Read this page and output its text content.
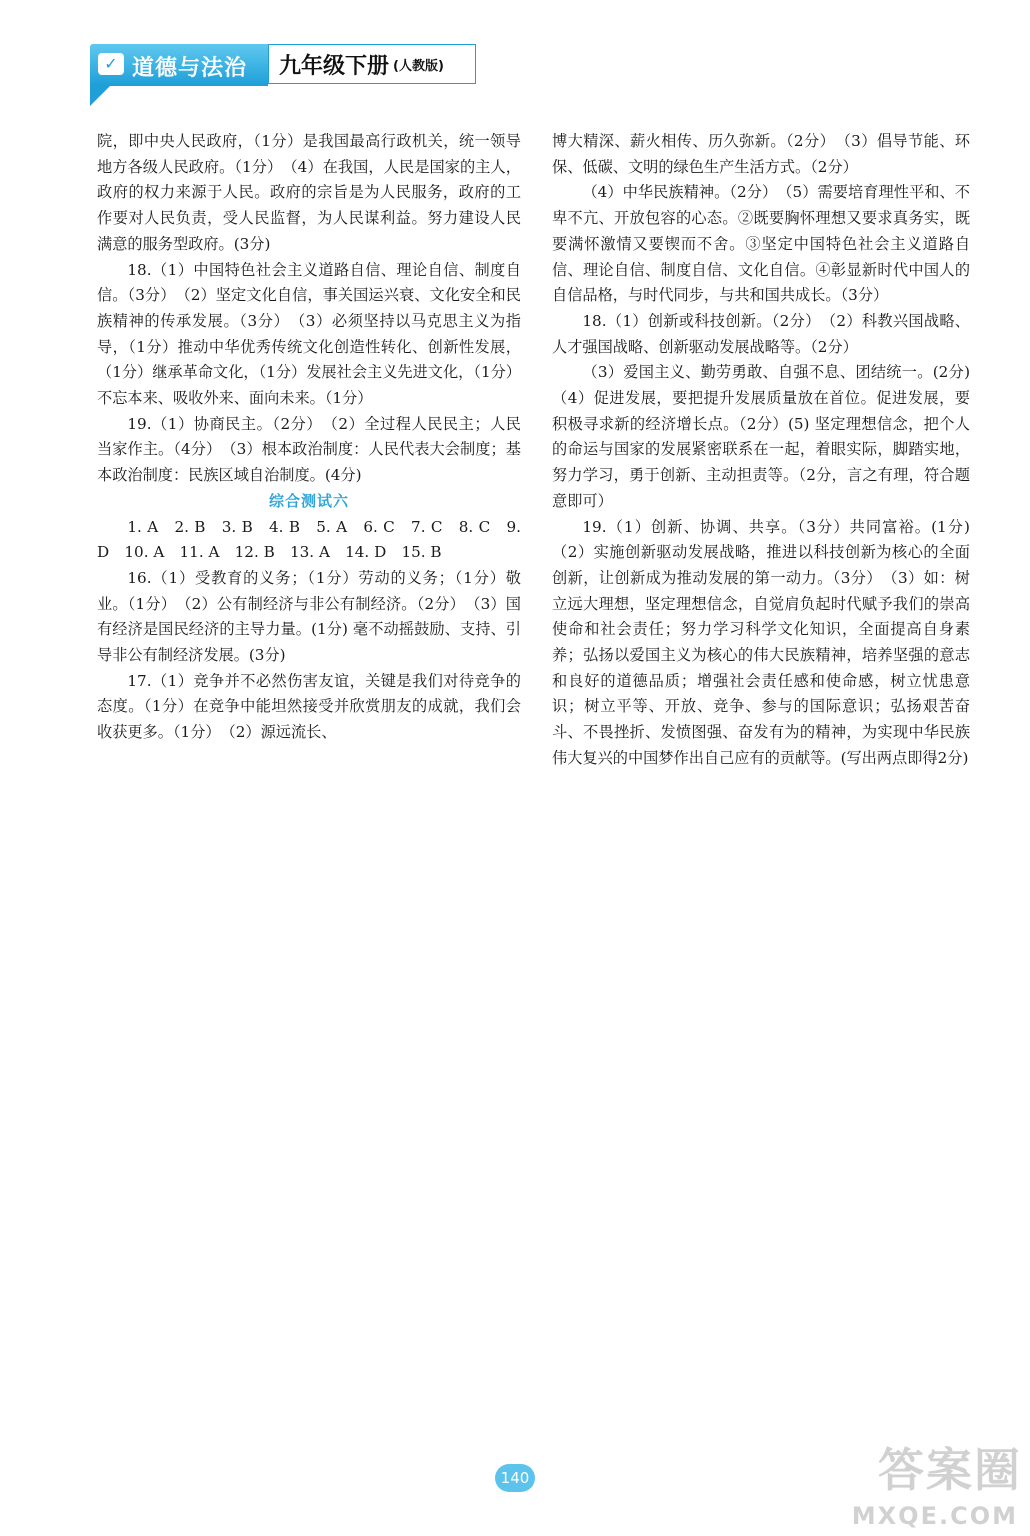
✓ 道德与法治 九年级下册 (人教版)

院，即中央人民政府，（1分）是我国最高行政机关，统一领导地方各级人民政府。（1分）　（4）在我国，人民是国家的主人，政府的权力来源于人民。政府的宗旨是为人民服务，政府的工作要对人民负责，受人民监督，为人民谋利益。努力建设人民满意的服务型政府。(3分)

18.（1）中国特色社会主义道路自信、理论自信、制度自信。（3分）　（2）坚定文化自信，事关国运兴衰、文化安全和民族精神的传承发展。（3分）　（3）必须坚持以马克思主义为指导，（1分）推动中华优秀传统文化创造性转化、创新性发展，（1分）继承革命文化，（1分）发展社会主义先进文化，（1分）不忘本来、吸收外来、面向未来。（1分）

19.（1）协商民主。（2分）　（2）全过程人民民主；人民当家作主。（4分）　（3）根本政治制度：人民代表大会制度；基本政治制度：民族区域自治制度。(4分)

综合测试六

1. A　2. B　3. B　4. B　5. A　6. C　7. C　8. C　9. D　10. A　11. A　12. B　13. A　14. D　15. B

16.（1）受教育的义务；（1分）劳动的义务；（1分）敬业。（1分）　（2）公有制经济与非公有制经济。（2分）　（3）国有经济是国民经济的主导力量。(1分) 毫不动摇鼓励、支持、引导非公有制经济发展。(3分)

17.（1）竞争并不必然伤害友谊，关键是我们对待竞争的态度。（1分）在竞争中能坦然接受并欣赏朋友的成就，我们会收获更多。（1分）　（2）源远流长、

博大精深、薪火相传、历久弥新。（2分）　（3）倡导节能、环保、低碳、文明的绿色生产生活方式。（2分）

（4）中华民族精神。（2分）　（5）需要培育理性平和、不卑不亢、开放包容的心态。②既要胸怀理想又要求真务实，既要满怀激情又要锲而不舍。③坚定中国特色社会主义道路自信、理论自信、制度自信、文化自信。④彰显新时代中国人的自信品格，与时代同步，与共和国共成长。（3分）

18.（1）创新或科技创新。（2分）　（2）科教兴国战略、人才强国战略、创新驱动发展战略等。（2分）

（3）爱国主义、勤劳勇敢、自强不息、团结统一。(2分)　（4）促进发展，要把提升发展质量放在首位。促进发展，要积极寻求新的经济增长点。（2分）(5) 坚定理想信念，把个人的命运与国家的发展紧密联系在一起，着眼实际，脚踏实地，努力学习，勇于创新、主动担责等。（2分，言之有理，符合题意即可）

19.（1）创新、协调、共享。（3分）共同富裕。(1分)　（2）实施创新驱动发展战略，推进以科技创新为核心的全面创新，让创新成为推动发展的第一动力。（3分）　（3）如：树立远大理想，坚定理想信念，自觉肩负起时代赋予我们的崇高使命和社会责任；努力学习科学文化知识，全面提高自身素养；弘扬以爱国主义为核心的伟大民族精神，培养坚强的意志和良好的道德品质；增强社会责任感和使命感，树立忧患意识；树立平等、开放、竞争、参与的国际意识；弘扬艰苦奋斗、不畏挫折、发愤图强、奋发有为的精神，为实现中华民族伟大复兴的中国梦作出自己应有的贡献等。(写出两点即得2分)

140	答案圈
MXQE.COM
